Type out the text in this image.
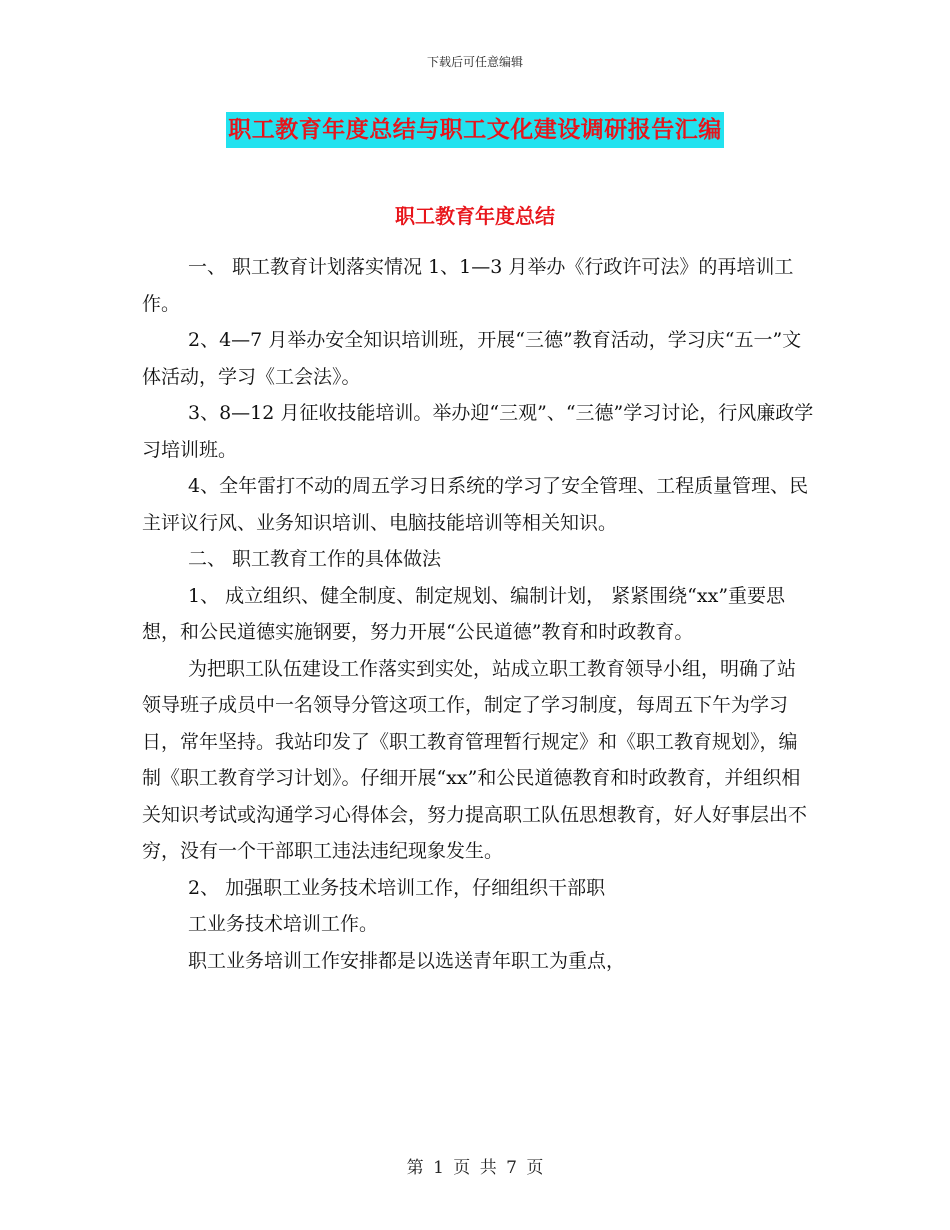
下载后可任意编辑
职工教育年度总结与职工文化建设调研报告汇编
职工教育年度总结

一、 职工教育计划落实情况 1、1—3 月举办《行政许可法》的再培训工作。

2、4—7 月举办安全知识培训班，开展“三德”教育活动，学习庆“五一”文体活动，学习《工会法》。

3、8—12 月征收技能培训。举办迎“三观”、“三德”学习讨论，行风廉政学习培训班。

4、全年雷打不动的周五学习日系统的学习了安全管理、工程质量管理、民主评议行风、业务知识培训、电脑技能培训等相关知识。

二、 职工教育工作的具体做法

1、 成立组织、健全制度、制定规划、编制计划， 紧紧围绕“xx”重要思想，和公民道德实施钢要，努力开展“公民道德”教育和时政教育。

为把职工队伍建设工作落实到实处，站成立职工教育领导小组，明确了站领导班子成员中一名领导分管这项工作，制定了学习制度，每周五下午为学习日，常年坚持。我站印发了《职工教育管理暂行规定》和《职工教育规划》，编制《职工教育学习计划》。仔细开展“xx”和公民道德教育和时政教育，并组织相关知识考试或沟通学习心得体会，努力提高职工队伍思想教育，好人好事层出不穷，没有一个干部职工违法违纪现象发生。

2、 加强职工业务技术培训工作，仔细组织干部职

工业务技术培训工作。

职工业务培训工作安排都是以选送青年职工为重点，

第 1 页 共 7 页
